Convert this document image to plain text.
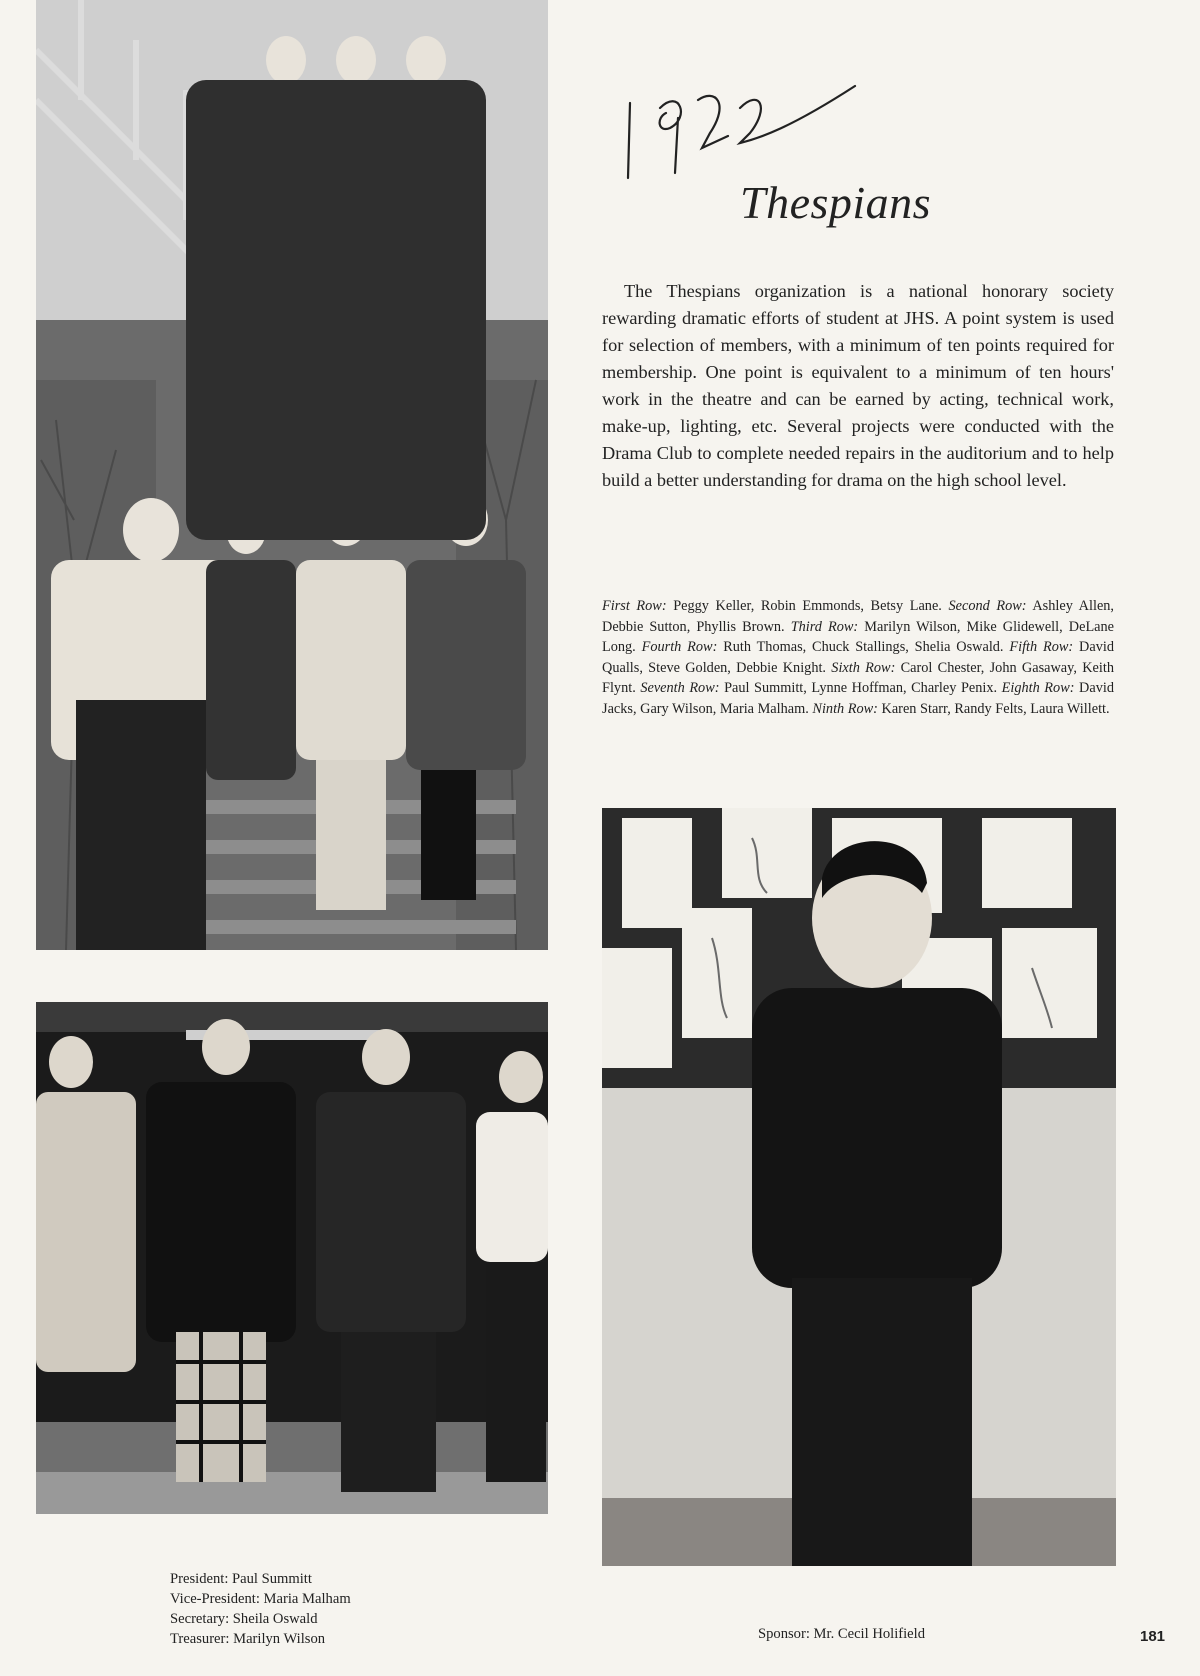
Thespians

The Thespians organization is a national honorary society rewarding dramatic efforts of student at JHS. A point system is used for selection of members, with a minimum of ten points required for membership. One point is equivalent to a minimum of ten hours' work in the theatre and can be earned by acting, technical work, make-up, lighting, etc. Several projects were conducted with the Drama Club to complete needed repairs in the auditorium and to help build a better understanding for drama on the high school level.

First Row: Peggy Keller, Robin Emmonds, Betsy Lane. Second Row: Ashley Allen, Debbie Sutton, Phyllis Brown. Third Row: Marilyn Wilson, Mike Glidewell, DeLane Long. Fourth Row: Ruth Thomas, Chuck Stallings, Shelia Oswald. Fifth Row: David Qualls, Steve Golden, Debbie Knight. Sixth Row: Carol Chester, John Gasaway, Keith Flynt. Seventh Row: Paul Summitt, Lynne Hoffman, Charley Penix. Eighth Row: David Jacks, Gary Wilson, Maria Malham. Ninth Row: Karen Starr, Randy Felts, Laura Willett.

President: Paul Summitt
Vice-President: Maria Malham
Secretary: Sheila Oswald
Treasurer: Marilyn Wilson	Sponsor: Mr. Cecil Holifield	181
